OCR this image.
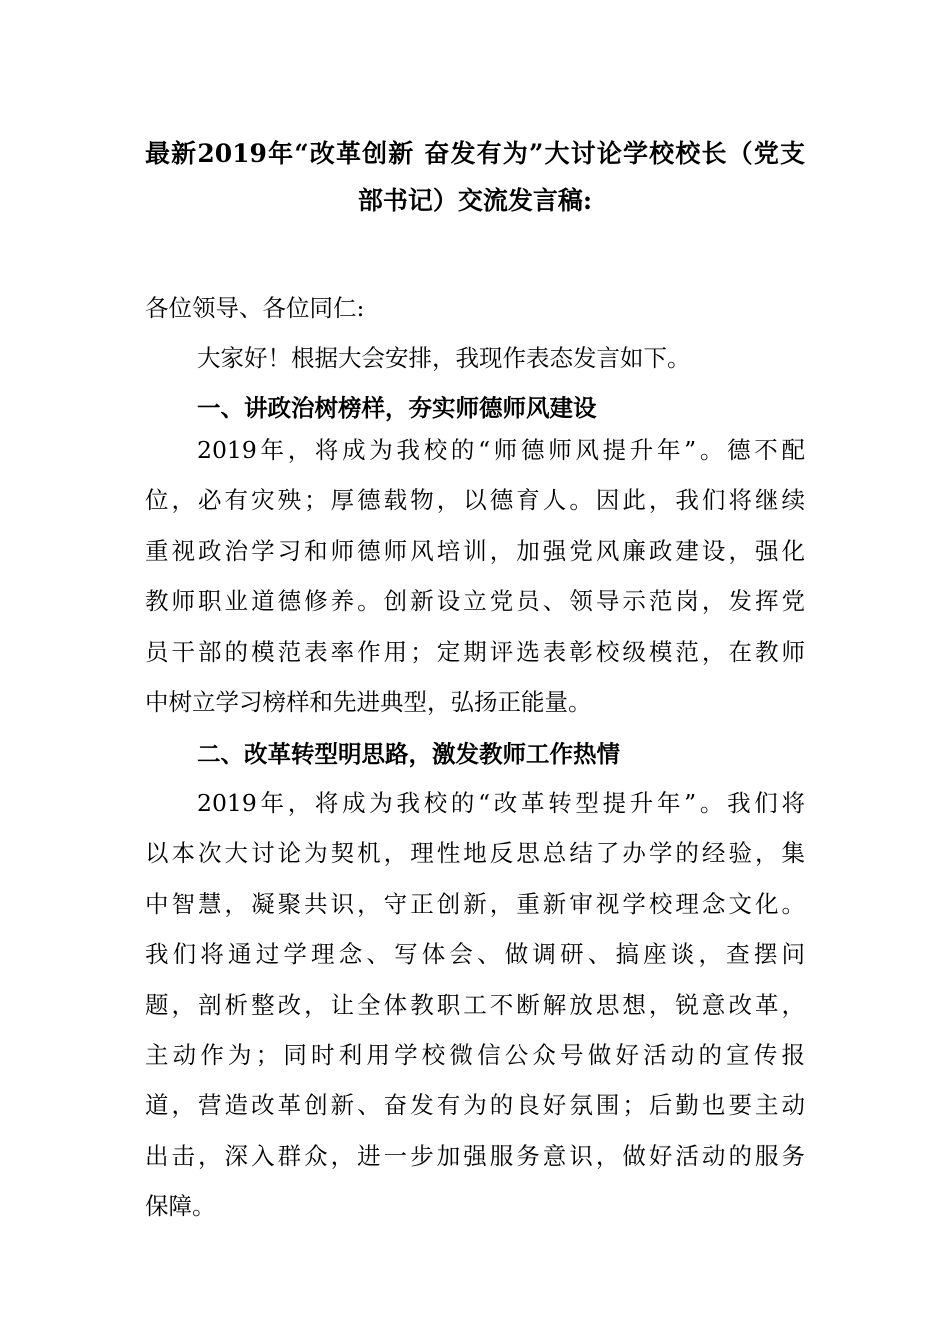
最新2019年“改革创新 奋发有为”大讨论学校校长（党支
部书记）交流发言稿:
各位领导、各位同仁:
大家好！根据大会安排，我现作表态发言如下。
一、讲政治树榜样，夯实师德师风建设
2019年，将成为我校的“师德师风提升年”。德不配
位，必有灾殃；厚德载物，以德育人。因此，我们将继续
重视政治学习和师德师风培训，加强党风廉政建设，强化
教师职业道德修养。创新设立党员、领导示范岗，发挥党
员干部的模范表率作用；定期评选表彰校级模范，在教师
中树立学习榜样和先进典型，弘扬正能量。
二、改革转型明思路，激发教师工作热情
2019年，将成为我校的“改革转型提升年”。我们将
以本次大讨论为契机，理性地反思总结了办学的经验，集
中智慧，凝聚共识，守正创新，重新审视学校理念文化。
我们将通过学理念、写体会、做调研、搞座谈，查摆问
题，剖析整改，让全体教职工不断解放思想，锐意改革，
主动作为；同时利用学校微信公众号做好活动的宣传报
道，营造改革创新、奋发有为的良好氛围；后勤也要主动
出击，深入群众，进一步加强服务意识，做好活动的服务
保障。
